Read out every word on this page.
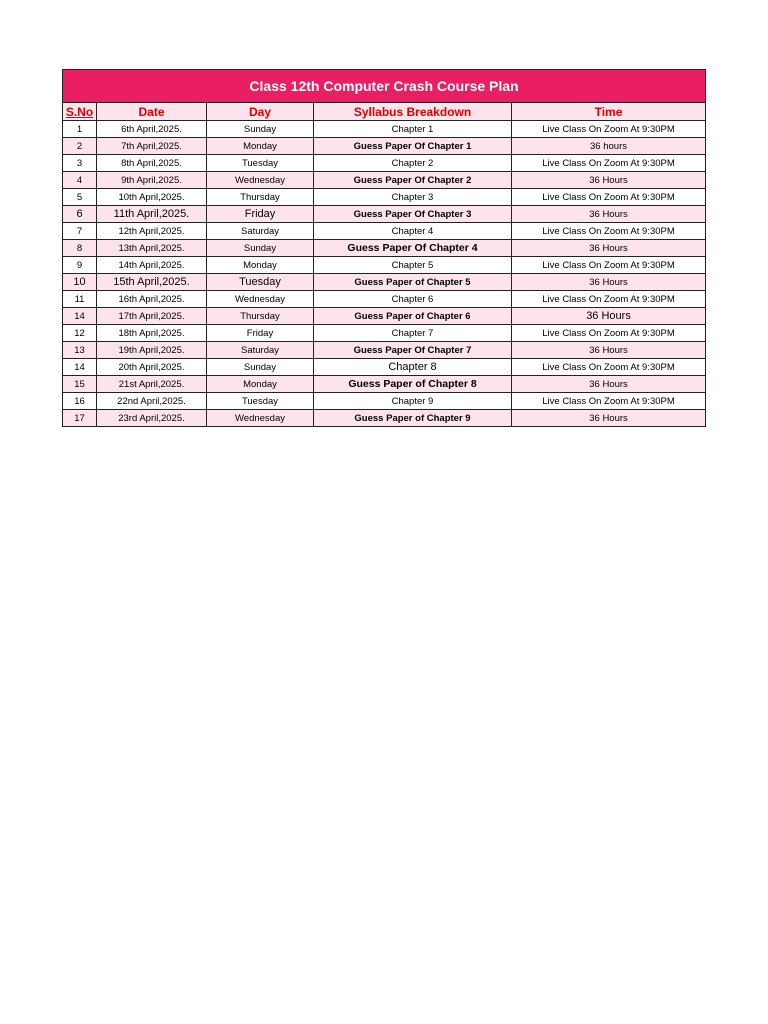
Class 12th Computer Crash Course Plan				
S.No	Date	Day	Syllabus Breakdown	Time
1	6th April,2025.	Sunday	Chapter 1	Live Class On Zoom At 9:30PM
2	7th April,2025.	Monday	Guess Paper Of Chapter 1	36 hours
3	8th April,2025.	Tuesday	Chapter 2	Live Class On Zoom At 9:30PM
4	9th April,2025.	Wednesday	Guess Paper Of Chapter 2	36 Hours
5	10th April,2025.	Thursday	Chapter 3	Live Class On Zoom At 9:30PM
6	11th April,2025.	Friday	Guess Paper Of Chapter 3	36 Hours
7	12th April,2025.	Saturday	Chapter 4	Live Class On Zoom At 9:30PM
8	13th April,2025.	Sunday	Guess Paper Of Chapter 4	36 Hours
9	14th April,2025.	Monday	Chapter 5	Live Class On Zoom At 9:30PM
10	15th April,2025.	Tuesday	Guess Paper of Chapter 5	36 Hours
11	16th April,2025.	Wednesday	Chapter 6	Live Class On Zoom At 9:30PM
14	17th April,2025.	Thursday	Guess Paper of Chapter 6	36 Hours
12	18th April,2025.	Friday	Chapter 7	Live Class On Zoom At 9:30PM
13	19th April,2025.	Saturday	Guess Paper Of Chapter 7	36 Hours
14	20th April,2025.	Sunday	Chapter 8	Live Class On Zoom At 9:30PM
15	21st April,2025.	Monday	Guess Paper of Chapter 8	36 Hours
16	22nd April,2025.	Tuesday	Chapter 9	Live Class On Zoom At 9:30PM
17	23rd April,2025.	Wednesday	Guess Paper of Chapter 9	36 Hours
